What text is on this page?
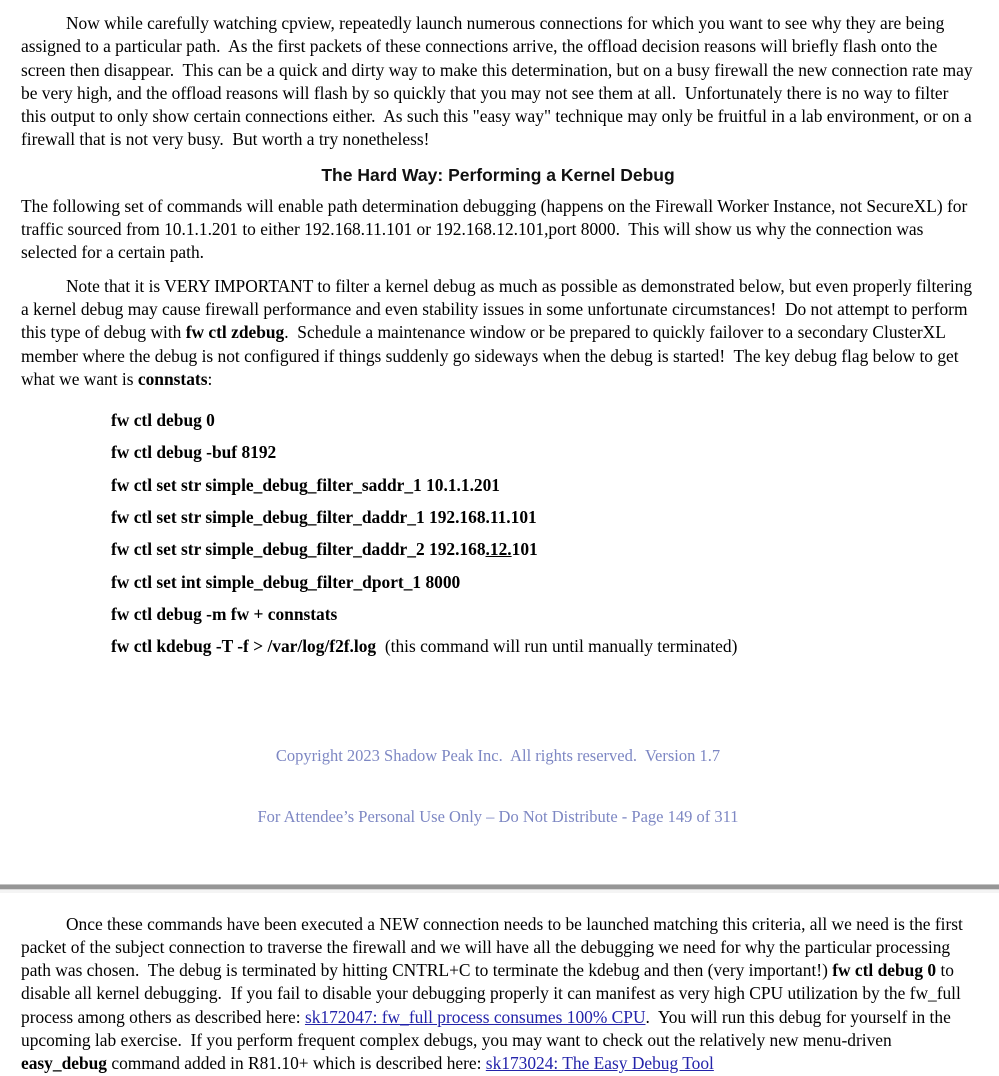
Now while carefully watching cpview, repeatedly launch numerous connections for which you want to see why they are being assigned to a particular path.  As the first packets of these connections arrive, the offload decision reasons will briefly flash onto the screen then disappear.  This can be a quick and dirty way to make this determination, but on a busy firewall the new connection rate may be very high, and the offload reasons will flash by so quickly that you may not see them at all.  Unfortunately there is no way to filter this output to only show certain connections either.  As such this "easy way" technique may only be fruitful in a lab environment, or on a firewall that is not very busy.  But worth a try nonetheless!

The Hard Way: Performing a Kernel Debug

The following set of commands will enable path determination debugging (happens on the Firewall Worker Instance, not SecureXL) for traffic sourced from 10.1.1.201 to either 192.168.11.101 or 192.168.12.101,port 8000.  This will show us why the connection was selected for a certain path.

Note that it is VERY IMPORTANT to filter a kernel debug as much as possible as demonstrated below, but even properly filtering a kernel debug may cause firewall performance and even stability issues in some unfortunate circumstances!  Do not attempt to perform this type of debug with fw ctl zdebug.  Schedule a maintenance window or be prepared to quickly failover to a secondary ClusterXL member where the debug is not configured if things suddenly go sideways when the debug is started!  The key debug flag below to get what we want is connstats:

fw ctl debug 0
fw ctl debug -buf 8192
fw ctl set str simple_debug_filter_saddr_1 10.1.1.201
fw ctl set str simple_debug_filter_daddr_1 192.168.11.101
fw ctl set str simple_debug_filter_daddr_2 192.168.12.101
fw ctl set int simple_debug_filter_dport_1 8000
fw ctl debug -m fw + connstats
fw ctl kdebug -T -f > /var/log/f2f.log  (this command will run until manually terminated)

Copyright 2023 Shadow Peak Inc.  All rights reserved.  Version 1.7

For Attendee’s Personal Use Only – Do Not Distribute - Page 149 of 311

Once these commands have been executed a NEW connection needs to be launched matching this criteria, all we need is the first packet of the subject connection to traverse the firewall and we will have all the debugging we need for why the particular processing path was chosen.  The debug is terminated by hitting CNTRL+C to terminate the kdebug and then (very important!) fw ctl debug 0 to disable all kernel debugging.  If you fail to disable your debugging properly it can manifest as very high CPU utilization by the fw_full process among others as described here: sk172047: fw_full process consumes 100% CPU.  You will run this debug for yourself in the upcoming lab exercise.  If you perform frequent complex debugs, you may want to check out the relatively new menu-driven easy_debug command added in R81.10+ which is described here: sk173024: The Easy Debug Tool
